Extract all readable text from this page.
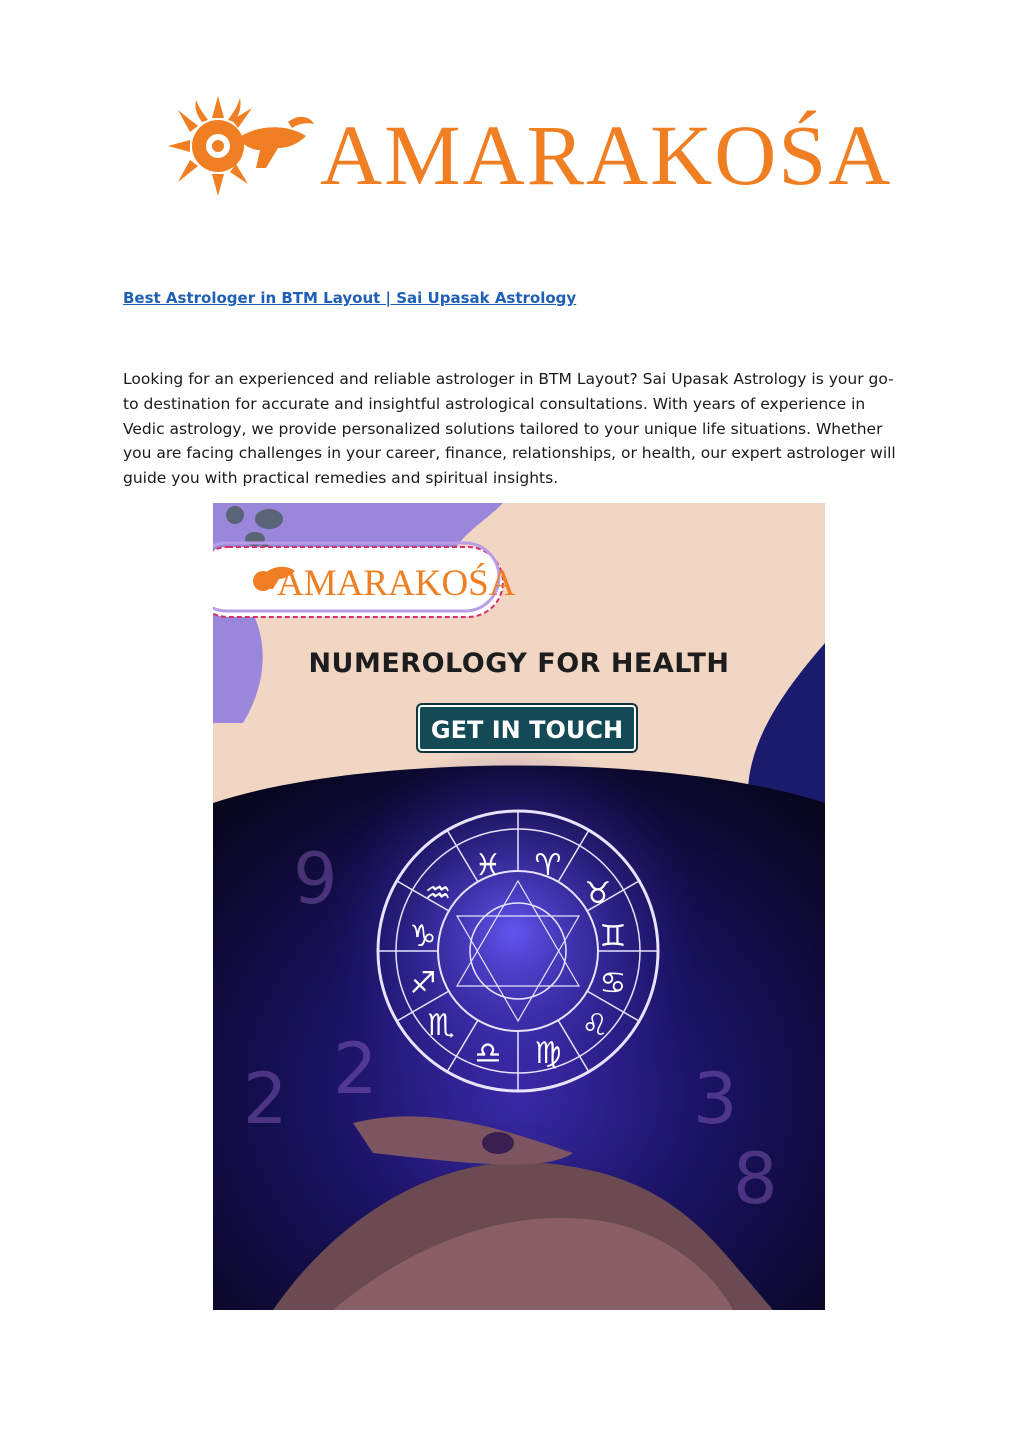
AMARAKOŚA
Best Astrologer in BTM Layout | Sai Upasak Astrology

Looking for an experienced and reliable astrologer in BTM Layout? Sai Upasak Astrology is your go-to destination for accurate and insightful astrological consultations. With years of experience in Vedic astrology, we provide personalized solutions tailored to your unique life situations. Whether you are facing challenges in your career, finance, relationships, or health, our expert astrologer will guide you with practical remedies and spiritual insights.

9
2
8
3
2
♓ ♈
♒	♉
♑	♊
♐	♋
♏	♌
♎ ♍
AMARAKOŚA
NUMEROLOGY FOR HEALTH
GET IN TOUCH
